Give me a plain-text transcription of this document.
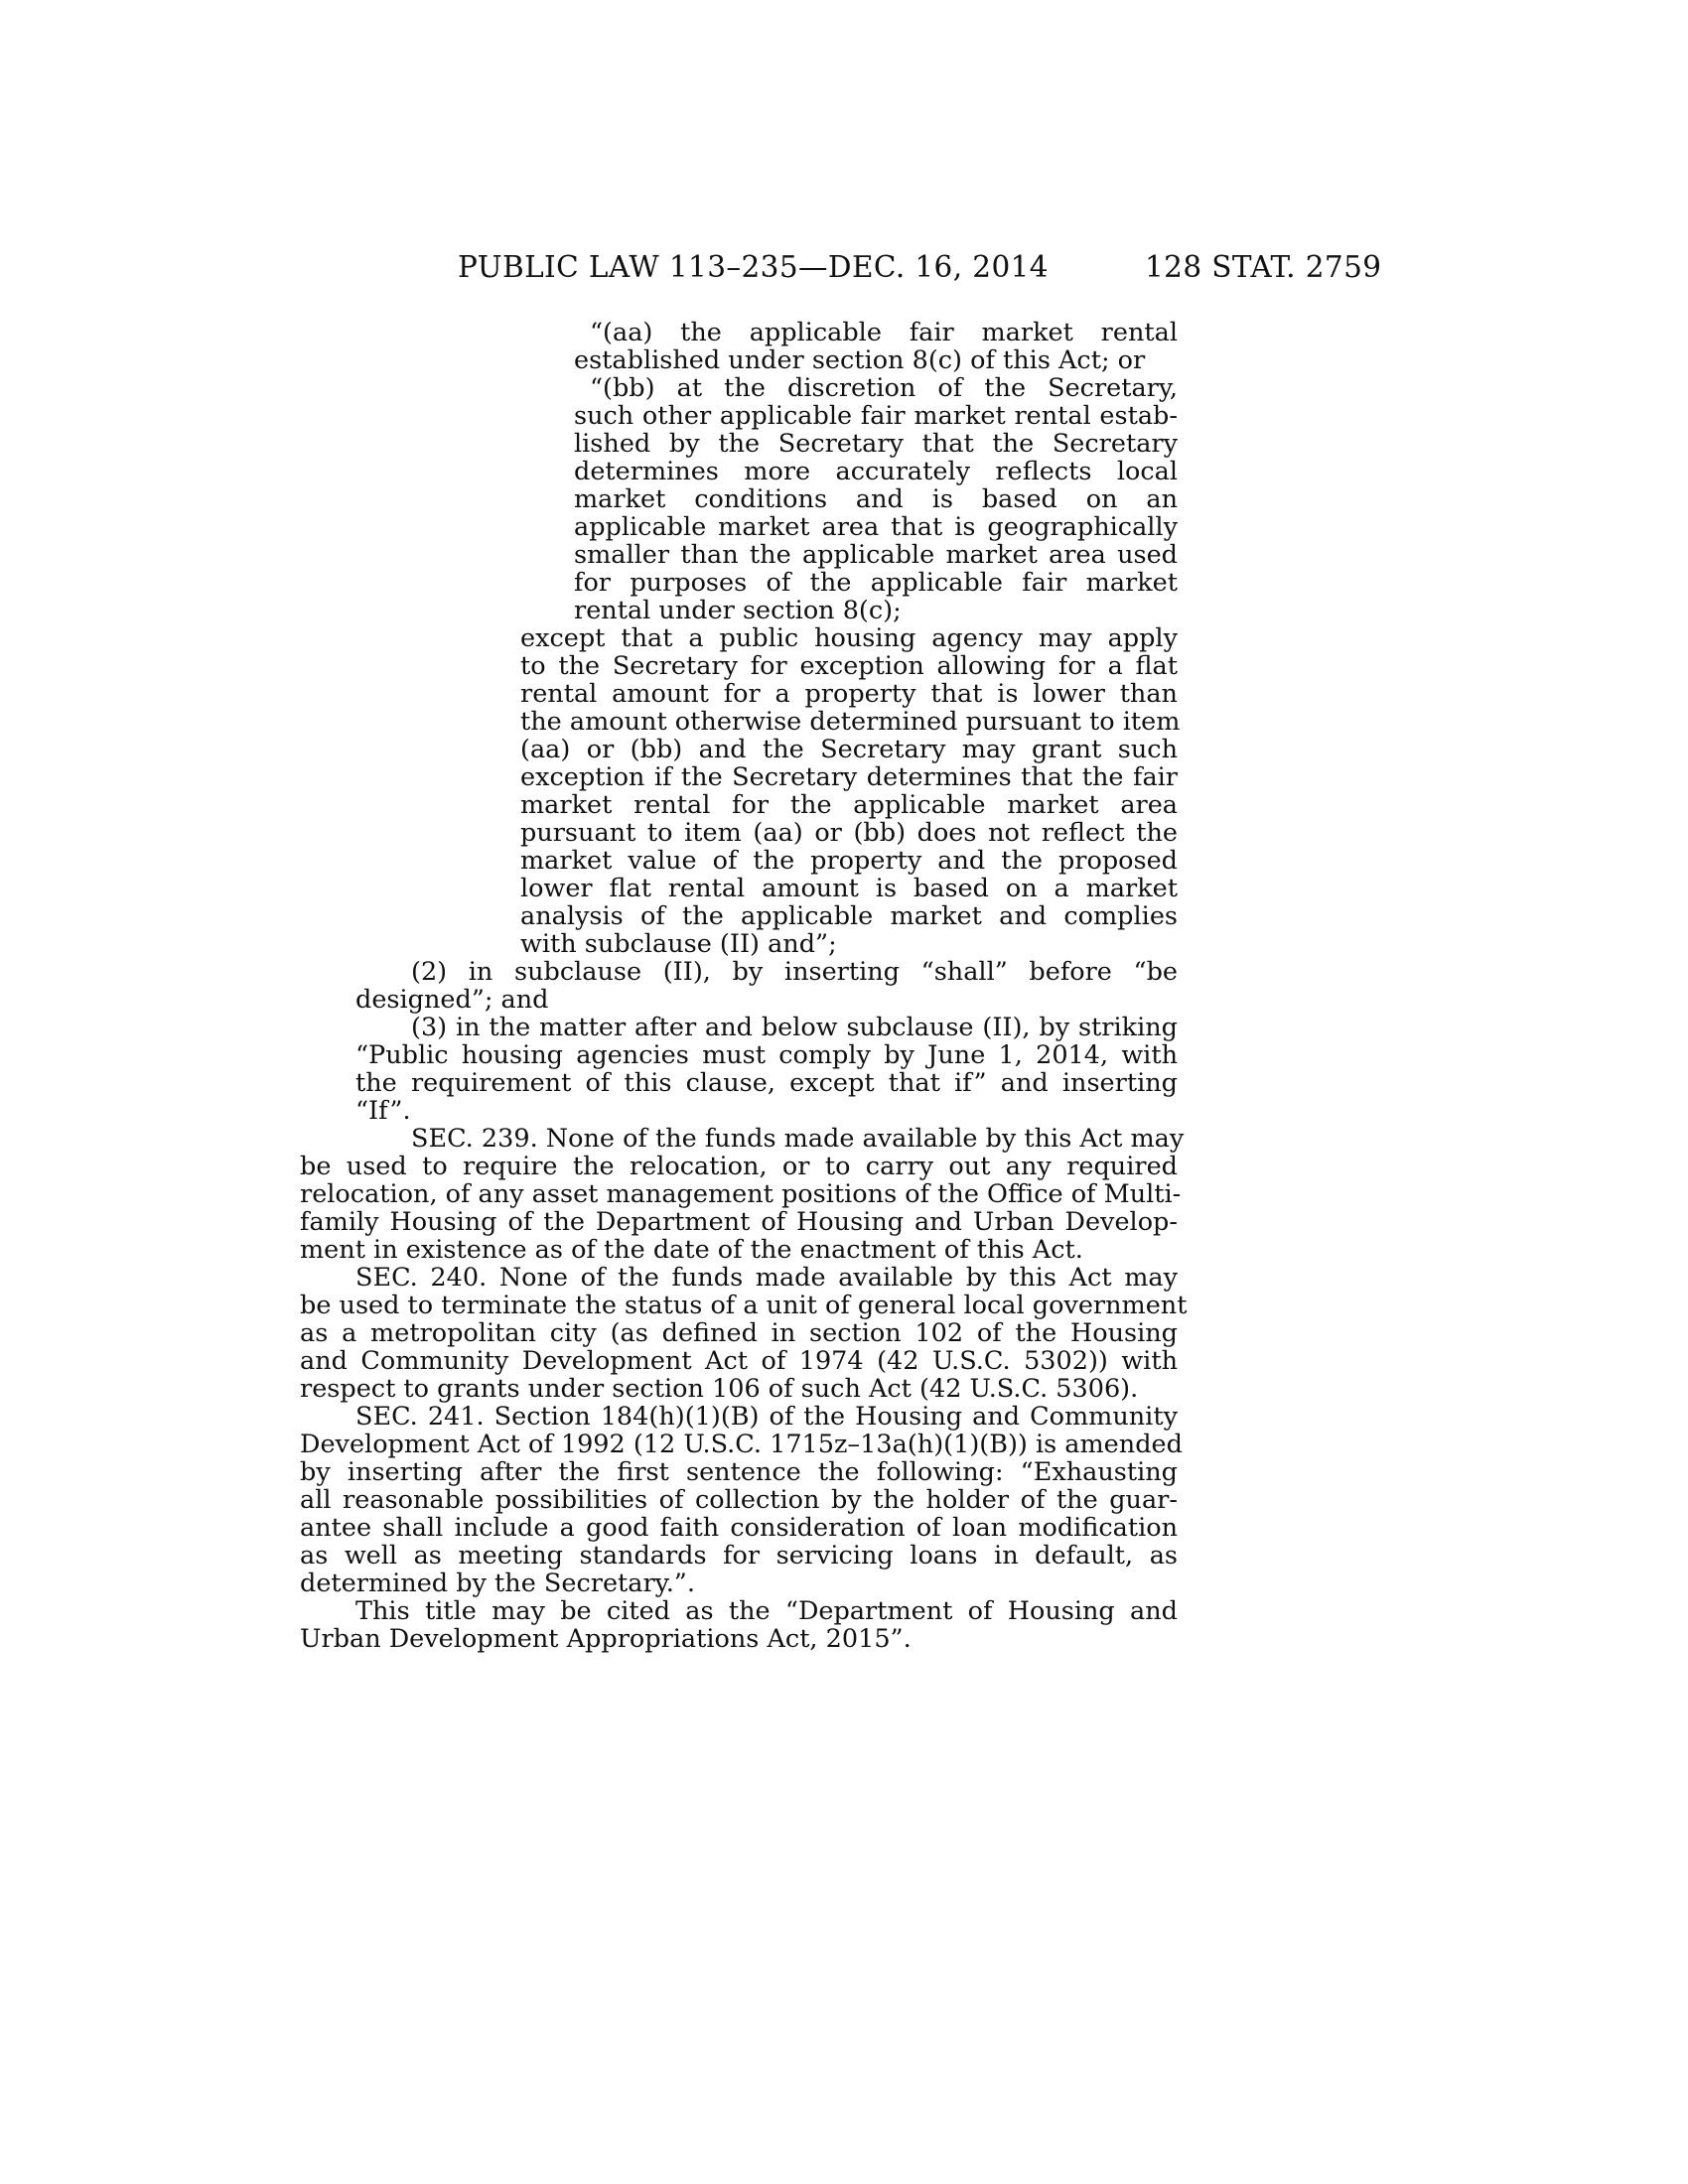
PUBLIC LAW 113–235—DEC. 16, 2014	128 STAT. 2759
“(aa) the applicable fair market rental
established under section 8(c) of this Act; or
“(bb) at the discretion of the Secretary,
such other applicable fair market rental estab-
lished by the Secretary that the Secretary
determines more accurately reflects local
market conditions and is based on an
applicable market area that is geographically
smaller than the applicable market area used
for purposes of the applicable fair market
rental under section 8(c);
except that a public housing agency may apply
to the Secretary for exception allowing for a flat
rental amount for a property that is lower than
the amount otherwise determined pursuant to item
(aa) or (bb) and the Secretary may grant such
exception if the Secretary determines that the fair
market rental for the applicable market area
pursuant to item (aa) or (bb) does not reflect the
market value of the property and the proposed
lower flat rental amount is based on a market
analysis of the applicable market and complies
with subclause (II) and”;
(2) in subclause (II), by inserting “shall” before “be
designed”; and
(3) in the matter after and below subclause (II), by striking
“Public housing agencies must comply by June 1, 2014, with
the requirement of this clause, except that if” and inserting
“If”.
SEC. 239. None of the funds made available by this Act may
be used to require the relocation, or to carry out any required
relocation, of any asset management positions of the Office of Multi-
family Housing of the Department of Housing and Urban Develop-
ment in existence as of the date of the enactment of this Act.
SEC. 240. None of the funds made available by this Act may
be used to terminate the status of a unit of general local government
as a metropolitan city (as defined in section 102 of the Housing
and Community Development Act of 1974 (42 U.S.C. 5302)) with
respect to grants under section 106 of such Act (42 U.S.C. 5306).
SEC. 241. Section 184(h)(1)(B) of the Housing and Community
Development Act of 1992 (12 U.S.C. 1715z–13a(h)(1)(B)) is amended
by inserting after the first sentence the following: “Exhausting
all reasonable possibilities of collection by the holder of the guar-
antee shall include a good faith consideration of loan modification
as well as meeting standards for servicing loans in default, as
determined by the Secretary.”.
This title may be cited as the “Department of Housing and
Urban Development Appropriations Act, 2015”.
